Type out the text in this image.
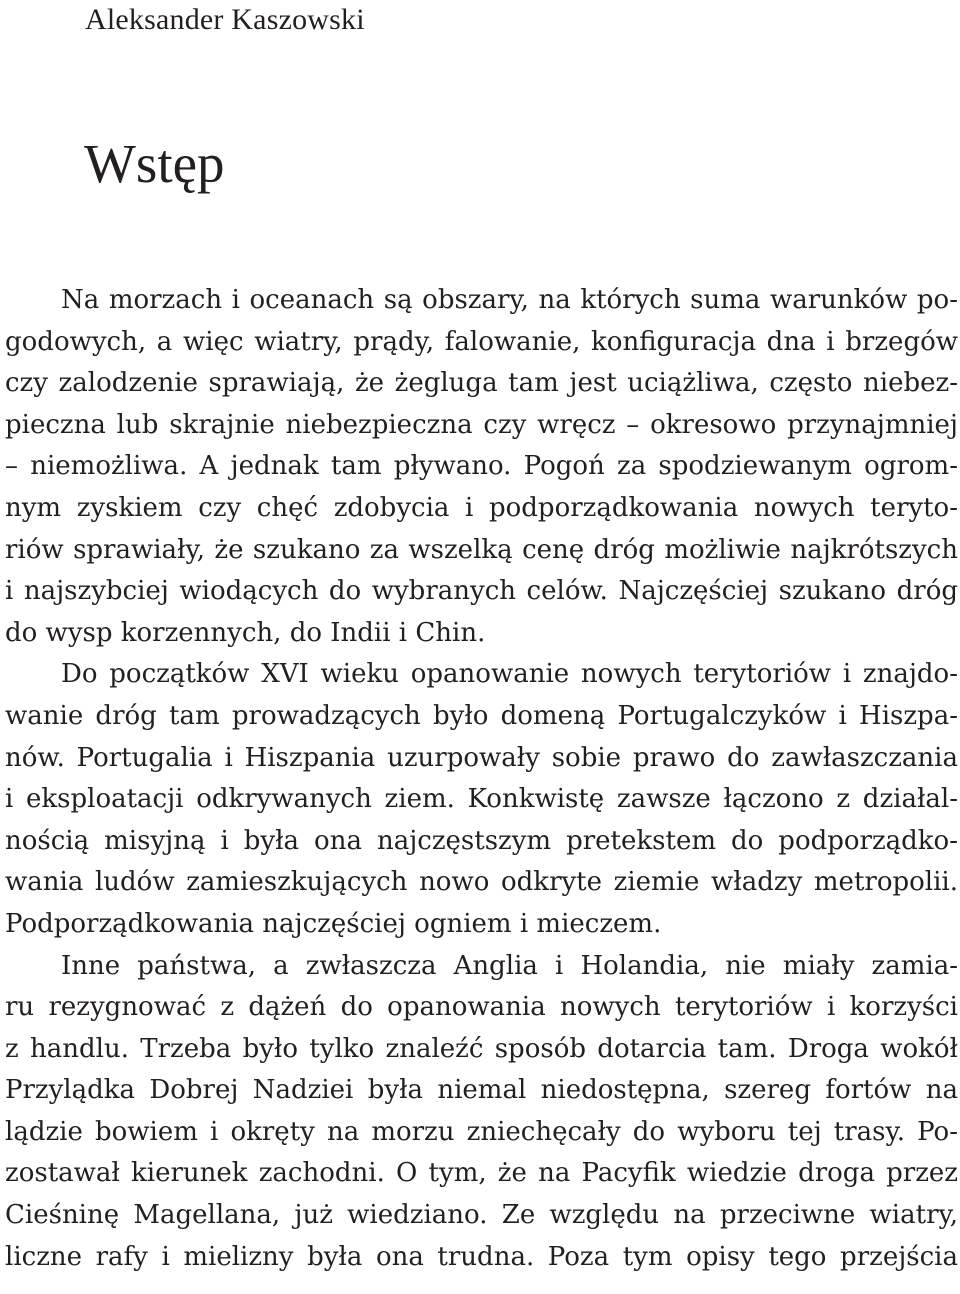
Aleksander Kaszowski
Wstęp
Na morzach i oceanach są obszary, na których suma warunków po-
godowych, a więc wiatry, prądy, falowanie, konfiguracja dna i brzegów
czy zalodzenie sprawiają, że żegluga tam jest uciążliwa, często niebez-
pieczna lub skrajnie niebezpieczna czy wręcz – okresowo przynajmniej
– niemożliwa. A jednak tam pływano. Pogoń za spodziewanym ogrom-
nym zyskiem czy chęć zdobycia i podporządkowania nowych teryto-
riów sprawiały, że szukano za wszelką cenę dróg możliwie najkrótszych
i najszybciej wiodących do wybranych celów. Najczęściej szukano dróg
do wysp korzennych, do Indii i Chin.
Do początków XVI wieku opanowanie nowych terytoriów i znajdo-
wanie dróg tam prowadzących było domeną Portugalczyków i Hiszpa-
nów. Portugalia i Hiszpania uzurpowały sobie prawo do zawłaszczania
i eksploatacji odkrywanych ziem. Konkwistę zawsze łączono z działal-
nością misyjną i była ona najczęstszym pretekstem do podporządko-
wania ludów zamieszkujących nowo odkryte ziemie władzy metropolii.
Podporządkowania najczęściej ogniem i mieczem.
Inne państwa, a zwłaszcza Anglia i Holandia, nie miały zamia-
ru rezygnować z dążeń do opanowania nowych terytoriów i korzyści
z handlu. Trzeba było tylko znaleźć sposób dotarcia tam. Droga wokół
Przylądka Dobrej Nadziei była niemal niedostępna, szereg fortów na
lądzie bowiem i okręty na morzu zniechęcały do wyboru tej trasy. Po-
zostawał kierunek zachodni. O tym, że na Pacyfik wiedzie droga przez
Cieśninę Magellana, już wiedziano. Ze względu na przeciwne wiatry,
liczne rafy i mielizny była ona trudna. Poza tym opisy tego przejścia
